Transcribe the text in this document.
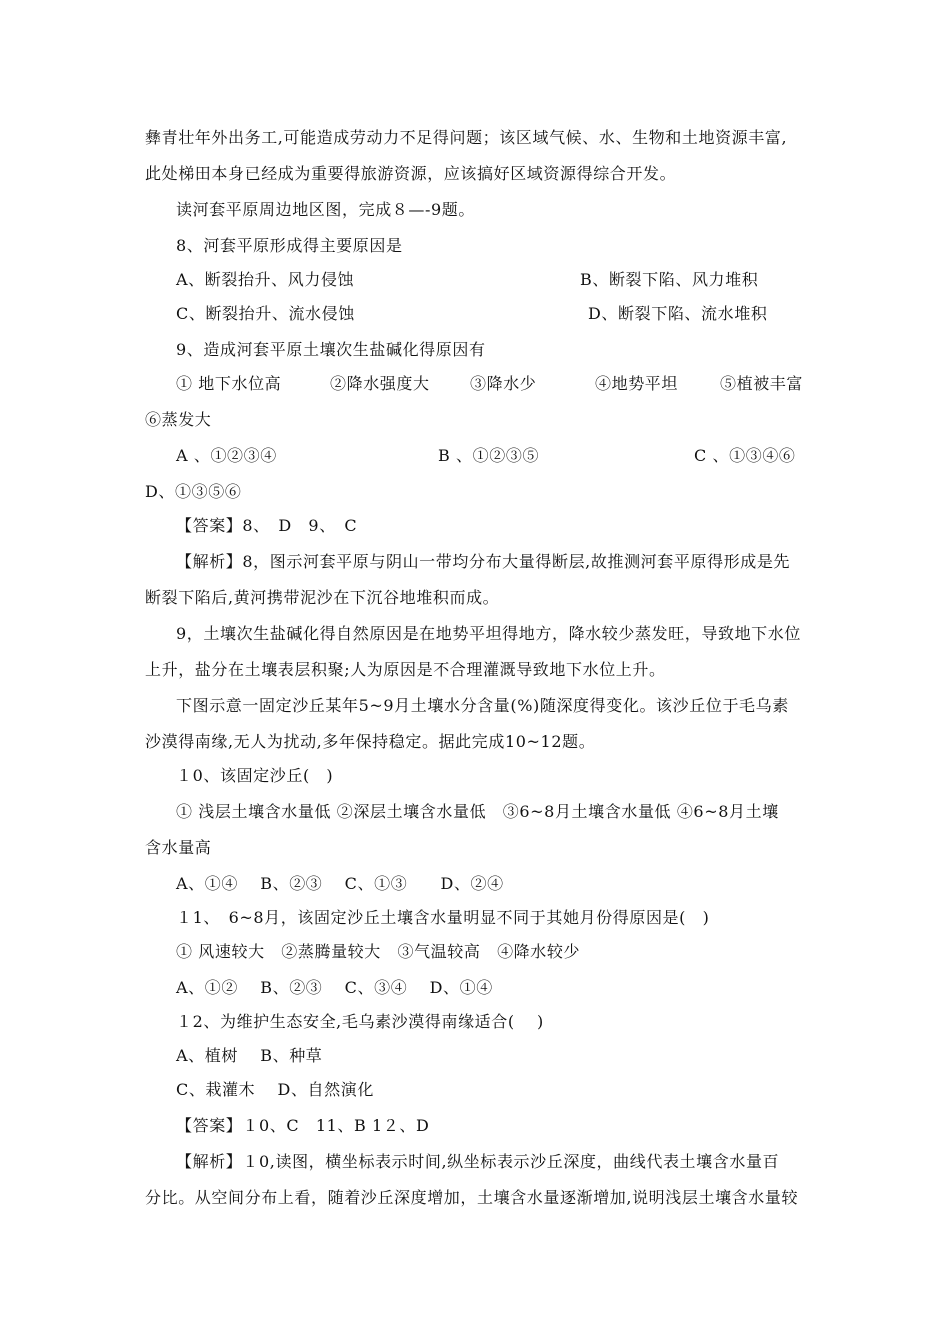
彝青壮年外出务工,可能造成劳动力不足得问题；该区域气候、水、生物和土地资源丰富,
此处梯田本身已经成为重要得旅游资源，应该搞好区域资源得综合开发。
读河套平原周边地区图，完成８—-9题。
8、河套平原形成得主要原因是
A、断裂抬升、风力侵蚀	B、断裂下陷、风力堆积
C、断裂抬升、流水侵蚀	D、断裂下陷、流水堆积
9、造成河套平原土壤次生盐碱化得原因有
① 地下水位高	②降水强度大	③降水少	④地势平坦	⑤植被丰富
⑥蒸发大
A 、①②③④	B 、①②③⑤	C 、①③④⑥
D、①③⑤⑥
【答案】8、　D　9、　C
【解析】8，图示河套平原与阴山一带均分布大量得断层,故推测河套平原得形成是先
断裂下陷后,黄河携带泥沙在下沉谷地堆积而成。
9，土壤次生盐碱化得自然原因是在地势平坦得地方，降水较少蒸发旺，导致地下水位
上升，盐分在土壤表层积聚;人为原因是不合理灌溉导致地下水位上升。
下图示意一固定沙丘某年5~9月土壤水分含量(%)随深度得变化。该沙丘位于毛乌素
沙漠得南缘,无人为扰动,多年保持稳定。据此完成10~12题。
１0、该固定沙丘(　)
① 浅层土壤含水量低 ②深层土壤含水量低　③6~8月土壤含水量低 ④6~8月土壤
含水量高
A、①④　 B、②③　 C、①③　　D、②④
１1、　6~8月，该固定沙丘土壤含水量明显不同于其她月份得原因是(　)
① 风速较大　②蒸腾量较大　③气温较高　④降水较少
A、①②　 B、②③　 C、③④　 D、①④
１2、为维护生态安全,毛乌素沙漠得南缘适合(　 )
A、植树　 B、种草
C、栽灌木　 D、自然演化
【答案】１0、C　11、B 1２、D
【解析】１0,读图，横坐标表示时间,纵坐标表示沙丘深度，曲线代表土壤含水量百
分比。从空间分布上看，随着沙丘深度增加，土壤含水量逐渐增加,说明浅层土壤含水量较
